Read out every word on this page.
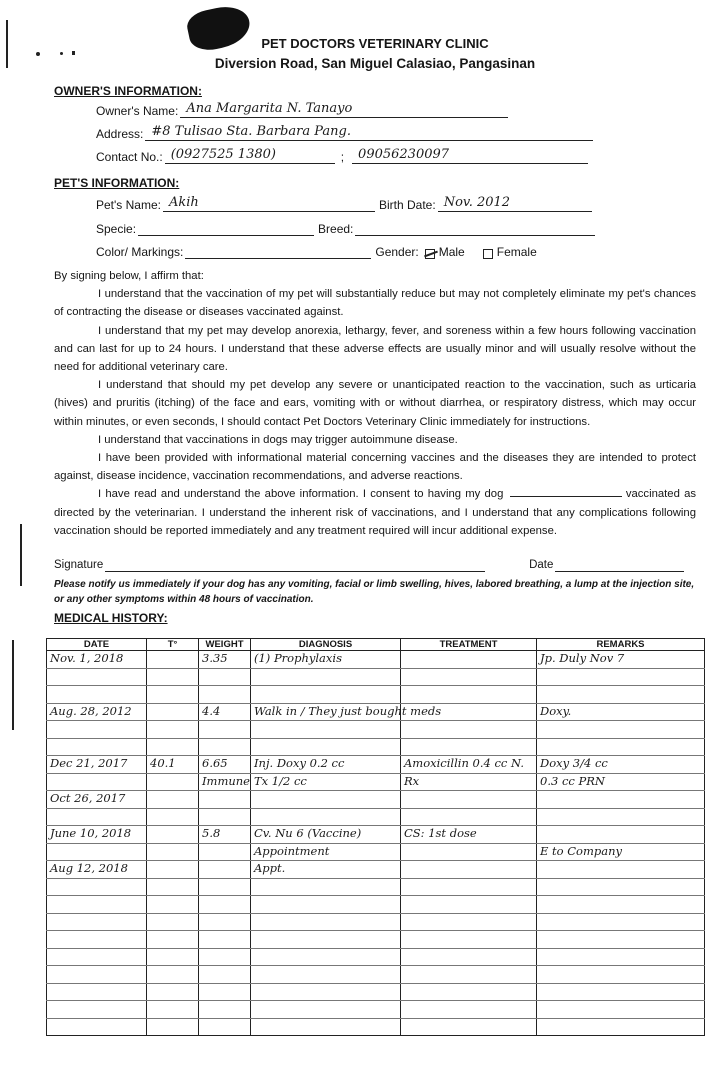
PET DOCTORS VETERINARY CLINIC
Diversion Road, San Miguel Calasiao, Pangasinan
OWNER'S INFORMATION:
Owner's Name: Ana Margarita N. Tanayo
Address: #8 Tulisao Sta. Barbara Pang.
Contact No.: (0927525 1380)	; 09056230097
PET'S INFORMATION:
Pet's Name: Akih	Birth Date: Nov. 2012
Specie:	Breed:
Color/ Markings:	Gender: Male	Female

By signing below, I affirm that:

I understand that the vaccination of my pet will substantially reduce but may not completely eliminate my pet's chances of contracting the disease or diseases vaccinated against.

I understand that my pet may develop anorexia, lethargy, fever, and soreness within a few hours following vaccination and can last for up to 24 hours. I understand that these adverse effects are usually minor and will usually resolve without the need for additional veterinary care.

I understand that should my pet develop any severe or unanticipated reaction to the vaccination, such as urticaria (hives) and pruritis (itching) of the face and ears, vomiting with or without diarrhea, or respiratory distress, which may occur within minutes, or even seconds, I should contact Pet Doctors Veterinary Clinic immediately for instructions.

I understand that vaccinations in dogs may trigger autoimmune disease.

I have been provided with informational material concerning vaccines and the diseases they are intended to protect against, disease incidence, vaccination recommendations, and adverse reactions.

I have read and understand the above information. I consent to having my dog	vaccinated as directed by the veterinarian. I understand the inherent risk of vaccinations, and I understand that any complications following vaccination should be reported immediately and any treatment required will incur additional expense.

Signature	Date
Please notify us immediately if your dog has any vomiting, facial or limb swelling, hives, labored breathing, a lump at the injection site, or any other symptoms within 48 hours of vaccination.
MEDICAL HISTORY:
DATE	T°	WEIGHT	DIAGNOSIS	TREATMENT	REMARKS

Nov. 1, 2018		3.35	(1) Prophylaxis		Jp. Duly Nov 7

Aug. 28, 2012		4.4	Walk in / They just bought meds		Doxy.

Dec 21, 2017	40.1	6.65	Inj. Doxy 0.2 cc	Amoxicillin 0.4 cc N.	Doxy 3/4 cc

		Immune	Tx 1/2 cc	Rx	0.3 cc PRN

Oct 26, 2017					

June 10, 2018		5.8	Cv. Nu 6 (Vaccine)	CS: 1st dose	

			Appointment		E to Company

Aug 12, 2018			Appt.		
